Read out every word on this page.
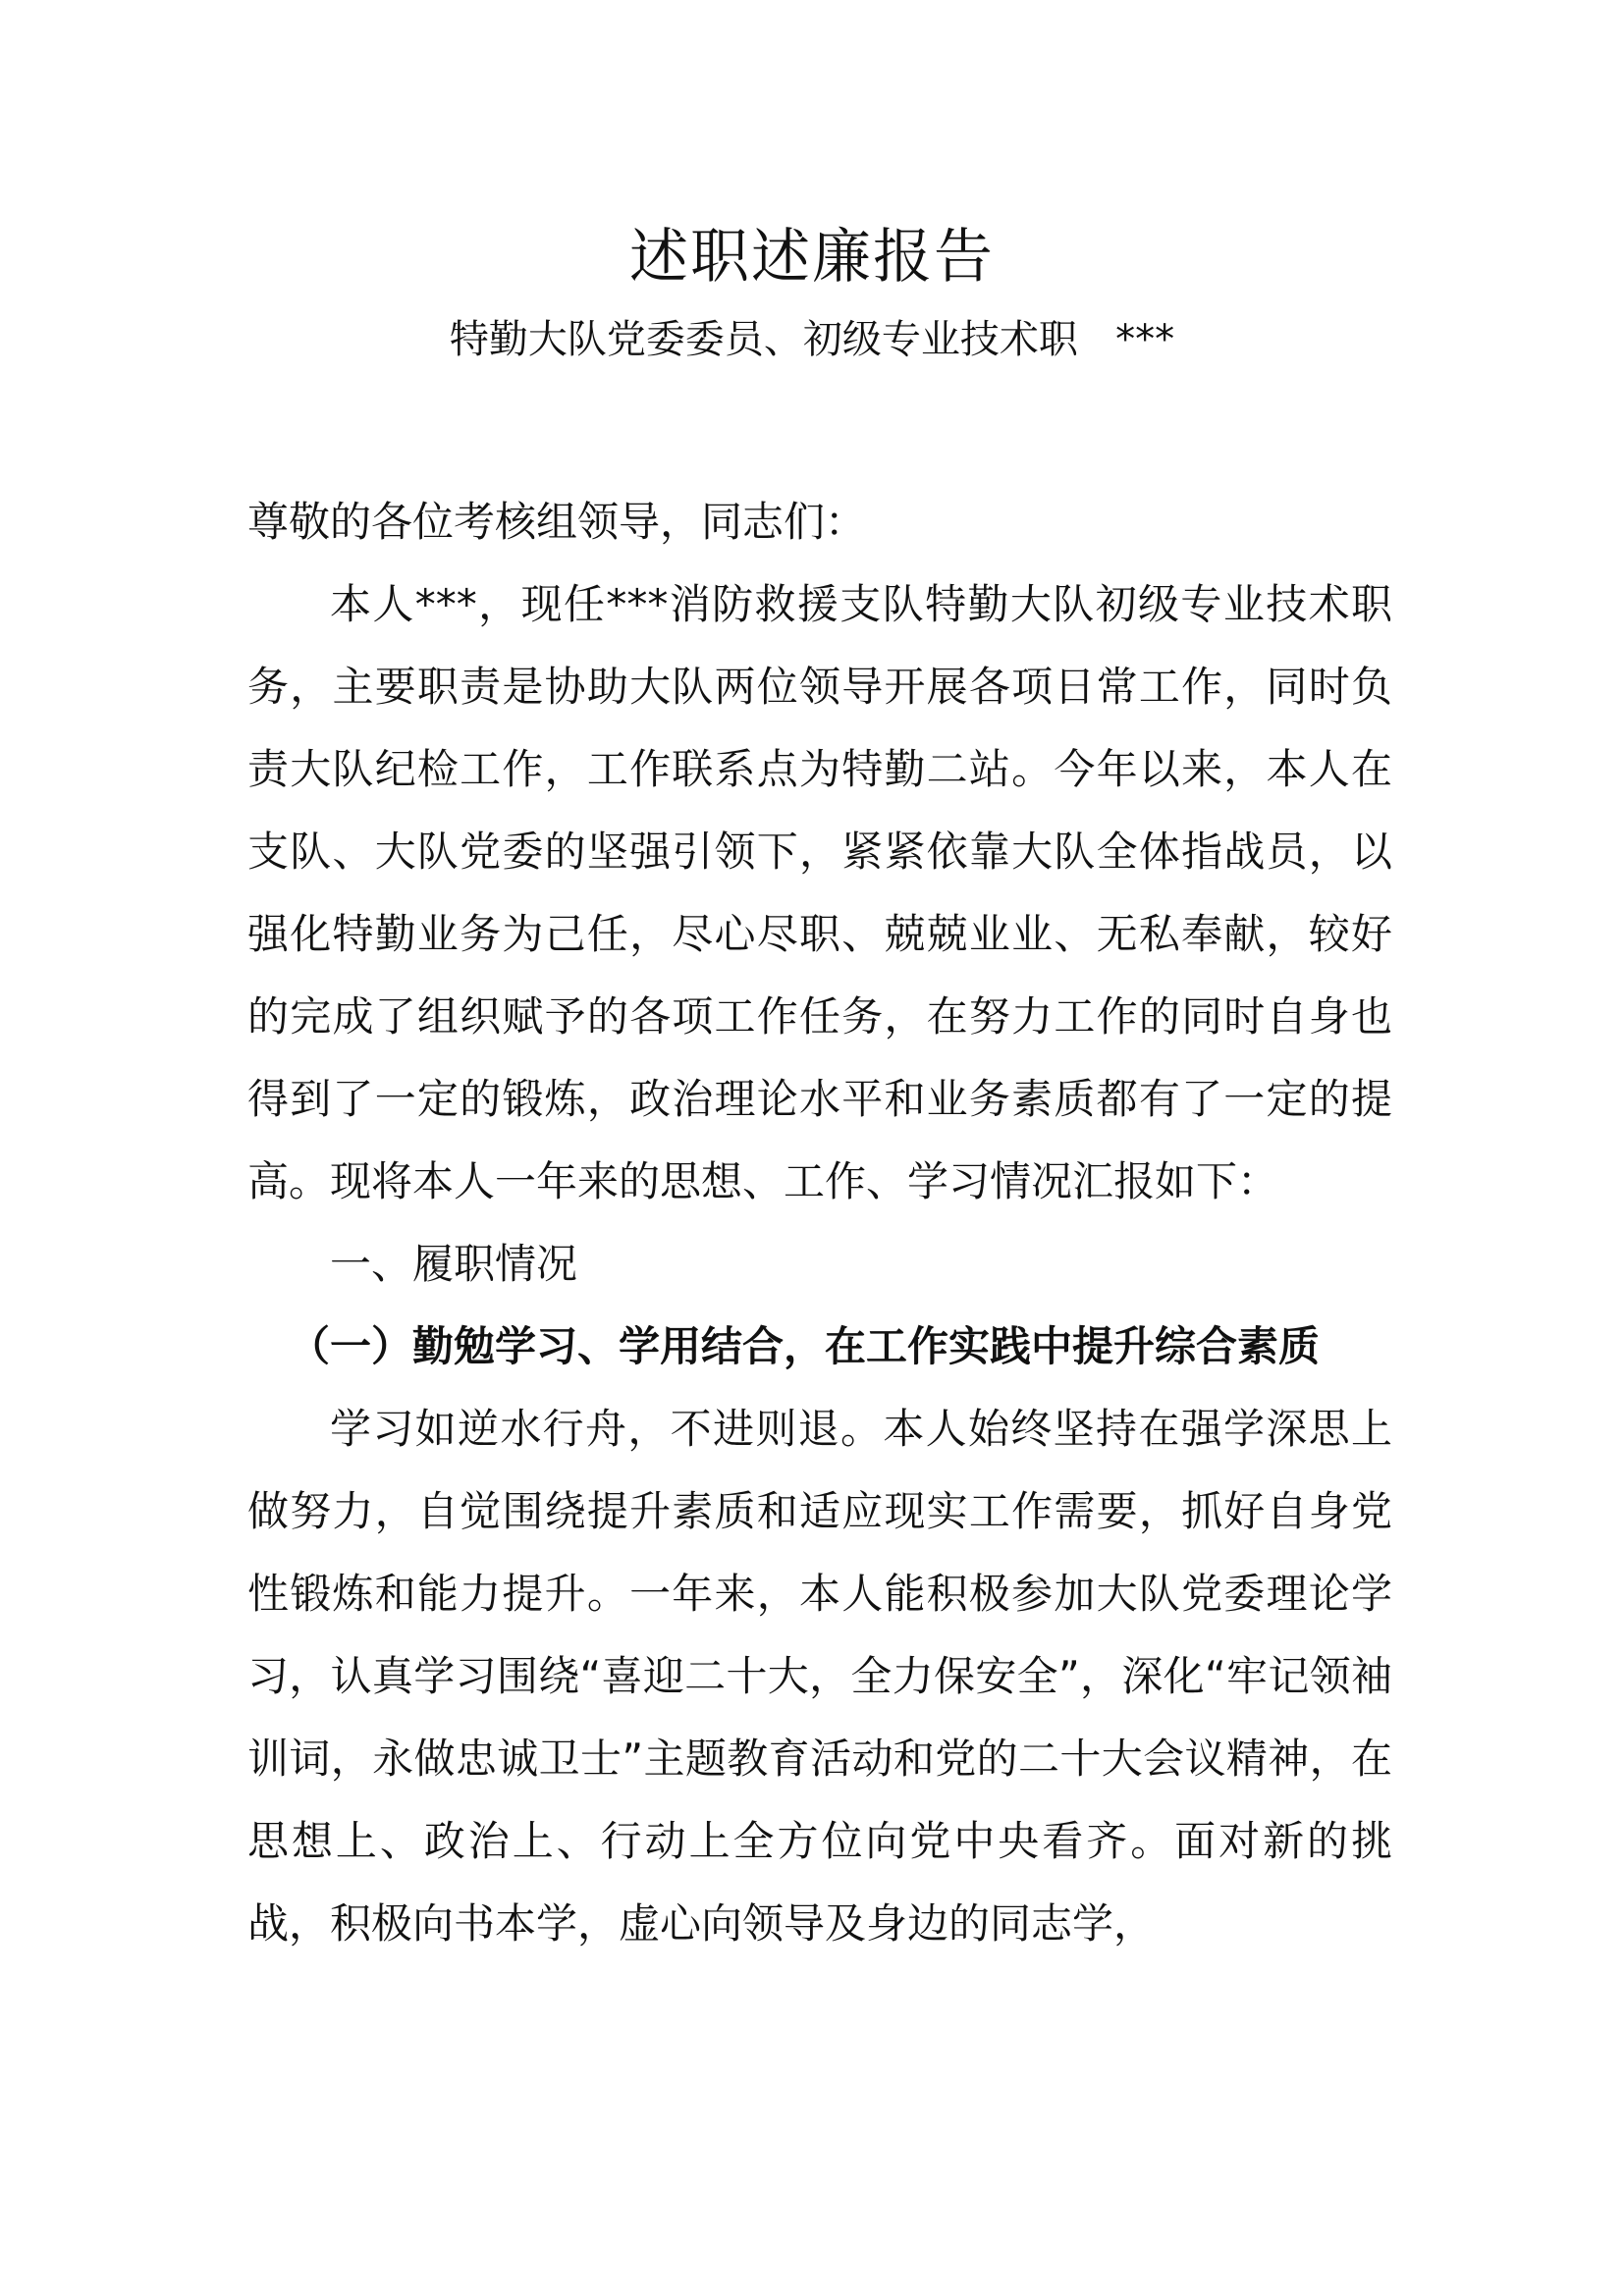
述职述廉报告
特勤大队党委委员、初级专业技术职   ***

尊敬的各位考核组领导，同志们：

本人***，现任***消防救援支队特勤大队初级专业技术职务，主要职责是协助大队两位领导开展各项日常工作，同时负责大队纪检工作，工作联系点为特勤二站。今年以来，本人在支队、大队党委的坚强引领下，紧紧依靠大队全体指战员，以强化特勤业务为己任，尽心尽职、兢兢业业、无私奉献，较好的完成了组织赋予的各项工作任务，在努力工作的同时自身也得到了一定的锻炼，政治理论水平和业务素质都有了一定的提高。现将本人一年来的思想、工作、学习情况汇报如下：

一、履职情况

（一）勤勉学习、学用结合，在工作实践中提升综合素质

学习如逆水行舟，不进则退。本人始终坚持在强学深思上做努力，自觉围绕提升素质和适应现实工作需要，抓好自身党性锻炼和能力提升。一年来，本人能积极参加大队党委理论学习，认真学习围绕“喜迎二十大，全力保安全”，深化“牢记领袖训词，永做忠诚卫士”主题教育活动和党的二十大会议精神，在思想上、政治上、行动上全方位向党中央看齐。面对新的挑战，积极向书本学，虚心向领导及身边的同志学，
